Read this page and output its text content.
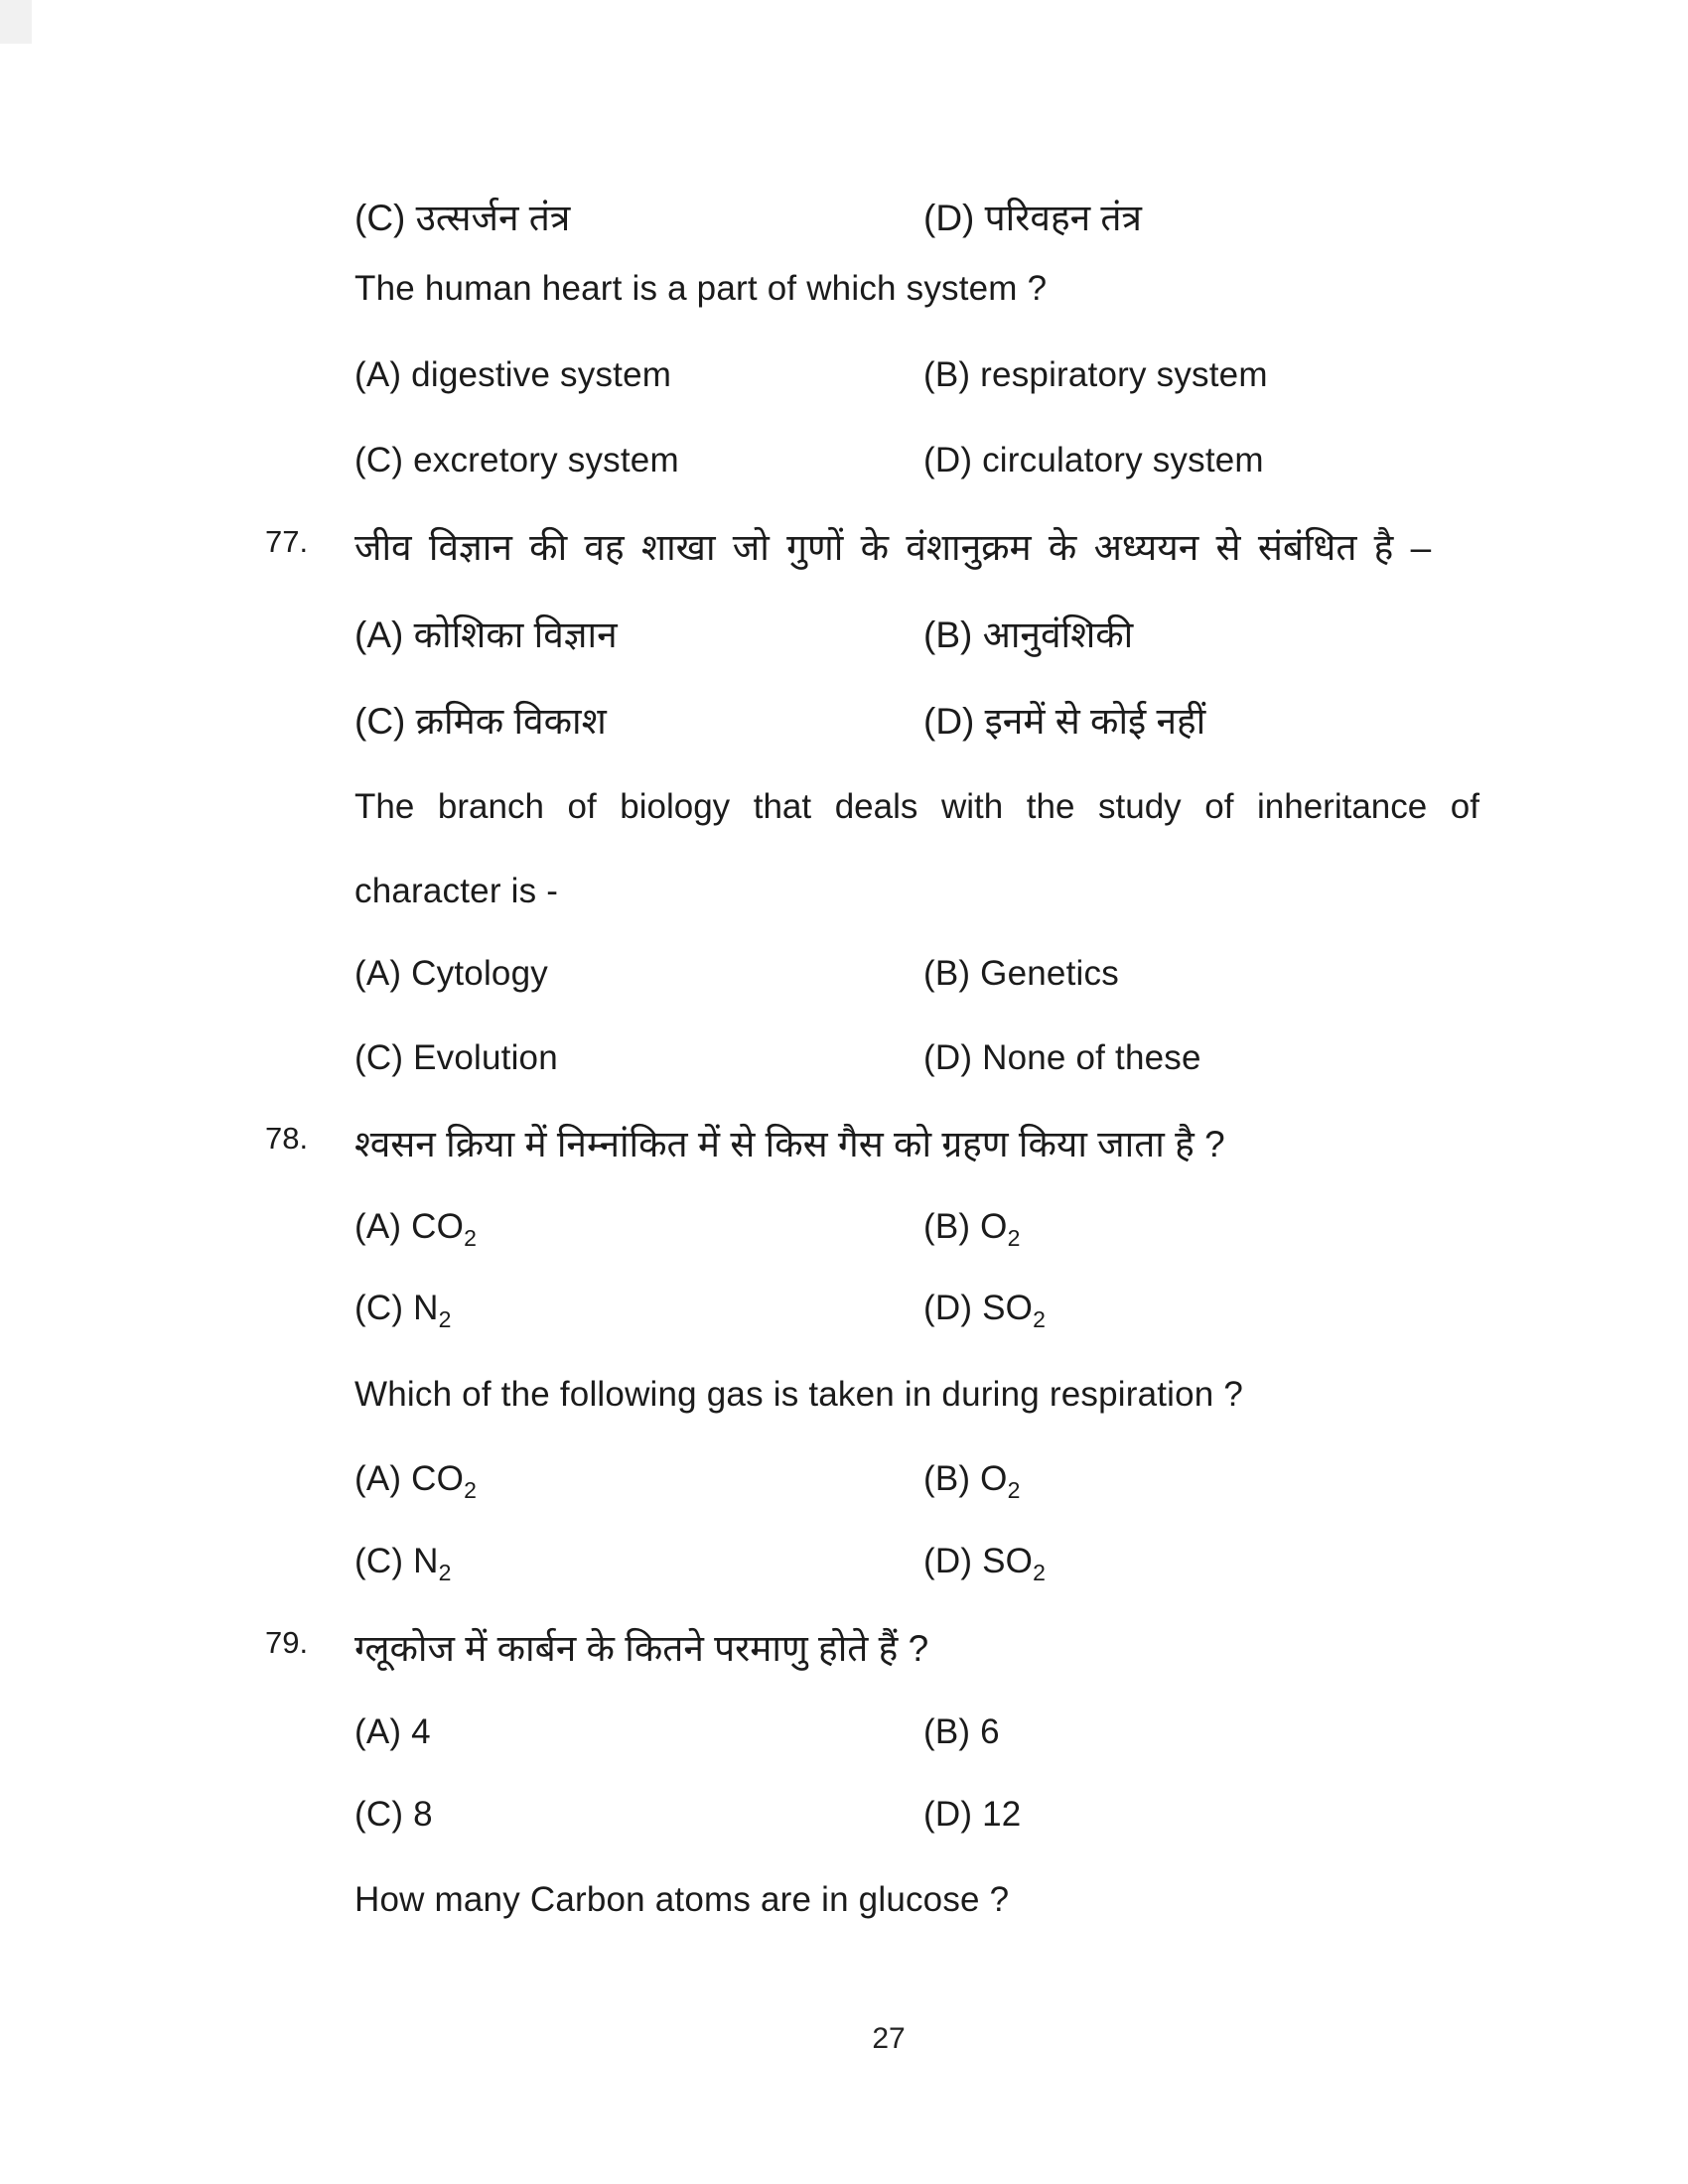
(C) उत्सर्जन तंत्र	(D) परिवहन तंत्र
The human heart is a part of which system ?
(A) digestive system	(B) respiratory system
(C) excretory system	(D) circulatory system
77. जीव विज्ञान की वह शाखा जो गुणों के वंशानुक्रम के अध्ययन से संबंधित है –
(A) कोशिका विज्ञान	(B) आनुवंशिकी
(C) क्रमिक विकाश	(D) इनमें से कोई नहीं
The branch of biology that deals with the study of inheritance of
character is -
(A) Cytology	(B) Genetics
(C) Evolution	(D) None of these
78. श्वसन क्रिया में निम्नांकित में से किस गैस को ग्रहण किया जाता है ?
(A) $CO_2$	(B) $O_2$
(C) $N_2$	(D) $SO_2$
Which of the following gas is taken in during respiration ?
(A) $CO_2$	(B) $O_2$
(C) $N_2$	(D) $SO_2$
79. ग्लूकोज में कार्बन के कितने परमाणु होते हैं ?
(A) 4	(B) 6
(C) 8	(D) 12
How many Carbon atoms are in glucose ?
27
